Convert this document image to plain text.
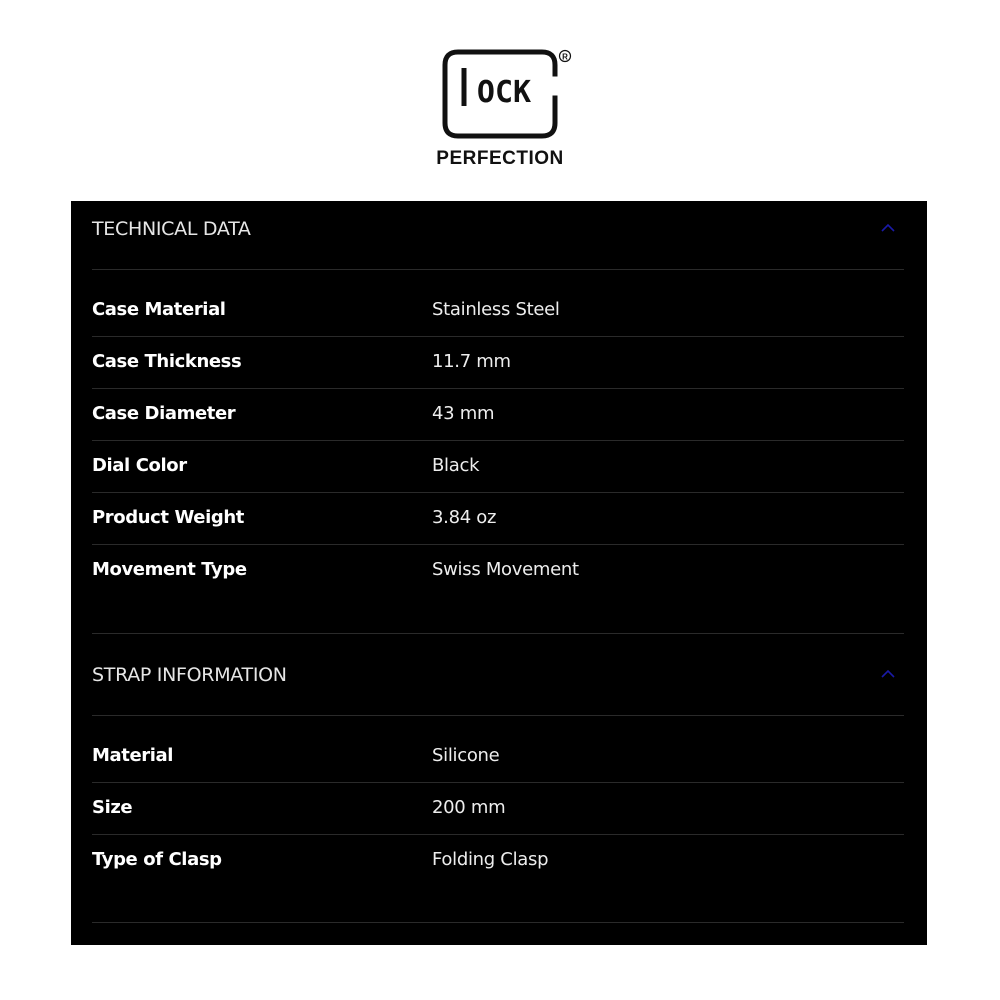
OCK
R
PERFECTION
TECHNICAL DATA
Case Material	Stainless Steel
Case Thickness	11.7 mm
Case Diameter	43 mm
Dial Color	Black
Product Weight	3.84 oz
Movement Type	Swiss Movement
STRAP INFORMATION
Material	Silicone
Size	200 mm
Type of Clasp	Folding Clasp
